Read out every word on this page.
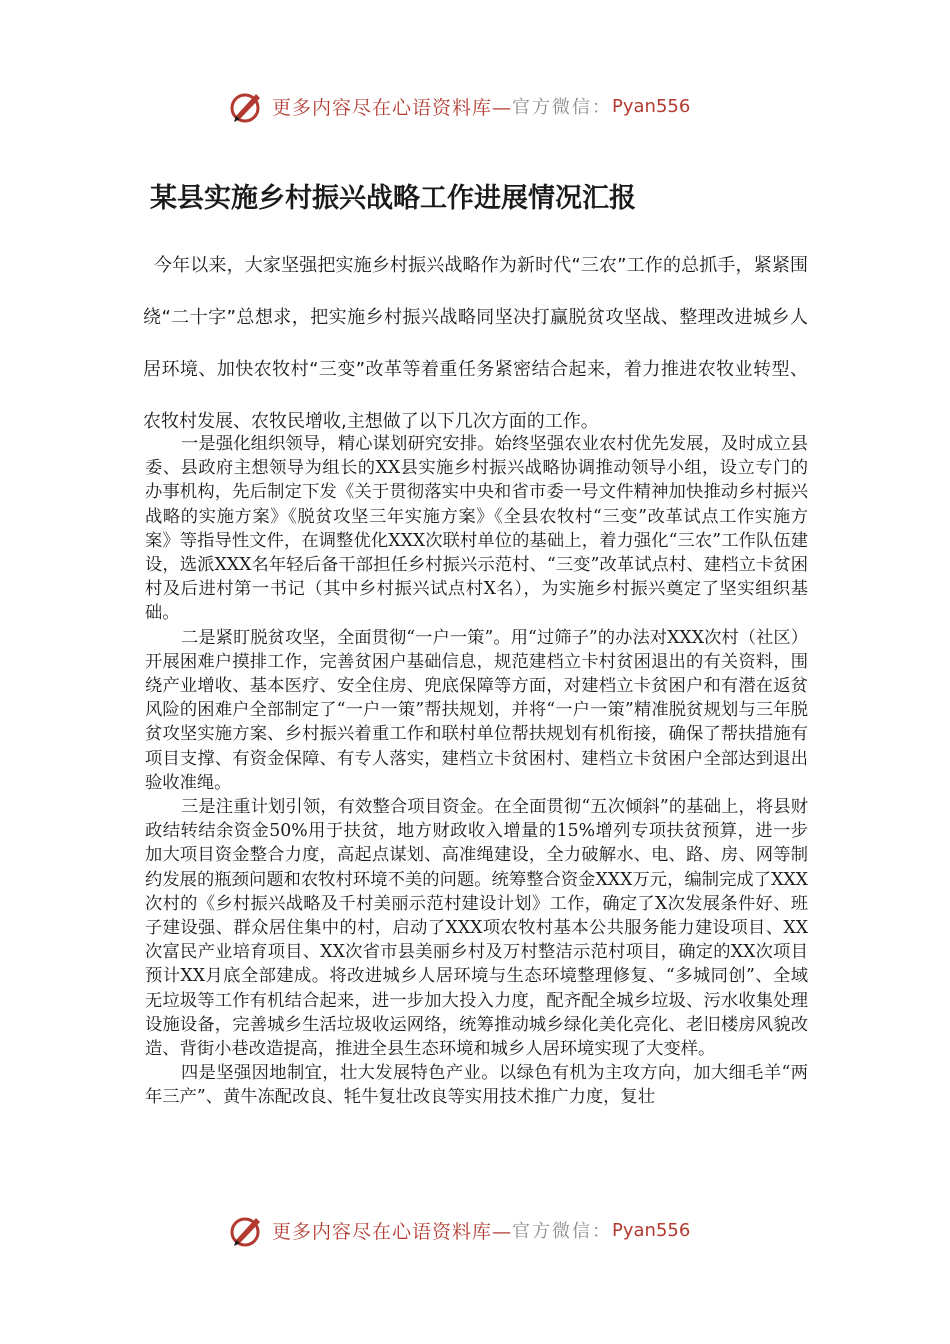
更多内容尽在心语资料库— 官方微信： Pyan556
某县实施乡村振兴战略工作进展情况汇报

今年以来，大家坚强把实施乡村振兴战略作为新时代“三农”工作的总抓手，紧紧围绕“二十字”总想求，把实施乡村振兴战略同坚决打赢脱贫攻坚战、整理改进城乡人居环境、加快农牧村“三变”改革等着重任务紧密结合起来，着力推进农牧业转型、农牧村发展、农牧民增收,主想做了以下几次方面的工作。

一是强化组织领导，精心谋划研究安排。始终坚强农业农村优先发展，及时成立县委、县政府主想领导为组长的XX县实施乡村振兴战略协调推动领导小组，设立专门的办事机构，先后制定下发《关于贯彻落实中央和省市委一号文件精神加快推动乡村振兴战略的实施方案》《脱贫攻坚三年实施方案》《全县农牧村“三变”改革试点工作实施方案》等指导性文件，在调整优化XXX次联村单位的基础上，着力强化“三农”工作队伍建设，选派XXX名年轻后备干部担任乡村振兴示范村、“三变”改革试点村、建档立卡贫困村及后进村第一书记（其中乡村振兴试点村X名），为实施乡村振兴奠定了坚实组织基础。

二是紧盯脱贫攻坚，全面贯彻“一户一策”。用“过筛子”的办法对XXX次村（社区）开展困难户摸排工作，完善贫困户基础信息，规范建档立卡村贫困退出的有关资料，围绕产业增收、基本医疗、安全住房、兜底保障等方面，对建档立卡贫困户和有潜在返贫风险的困难户全部制定了“一户一策”帮扶规划，并将“一户一策”精准脱贫规划与三年脱贫攻坚实施方案、乡村振兴着重工作和联村单位帮扶规划有机衔接，确保了帮扶措施有项目支撑、有资金保障、有专人落实，建档立卡贫困村、建档立卡贫困户全部达到退出验收准绳。

三是注重计划引领，有效整合项目资金。在全面贯彻“五次倾斜”的基础上，将县财政结转结余资金50%用于扶贫，地方财政收入增量的15%增列专项扶贫预算，进一步加大项目资金整合力度，高起点谋划、高准绳建设，全力破解水、电、路、房、网等制约发展的瓶颈问题和农牧村环境不美的问题。统筹整合资金XXX万元，编制完成了XXX次村的《乡村振兴战略及千村美丽示范村建设计划》工作，确定了X次发展条件好、班子建设强、群众居住集中的村，启动了XXX项农牧村基本公共服务能力建设项目、XX次富民产业培育项目、XX次省市县美丽乡村及万村整洁示范村项目，确定的XX次项目预计XX月底全部建成。将改进城乡人居环境与生态环境整理修复、“多城同创”、全域无垃圾等工作有机结合起来，进一步加大投入力度，配齐配全城乡垃圾、污水收集处理设施设备，完善城乡生活垃圾收运网络，统筹推动城乡绿化美化亮化、老旧楼房风貌改造、背街小巷改造提高，推进全县生态环境和城乡人居环境实现了大变样。

四是坚强因地制宜，壮大发展特色产业。以绿色有机为主攻方向，加大细毛羊“两年三产”、黄牛冻配改良、牦牛复壮改良等实用技术推广力度，复壮

更多内容尽在心语资料库— 官方微信： Pyan556
